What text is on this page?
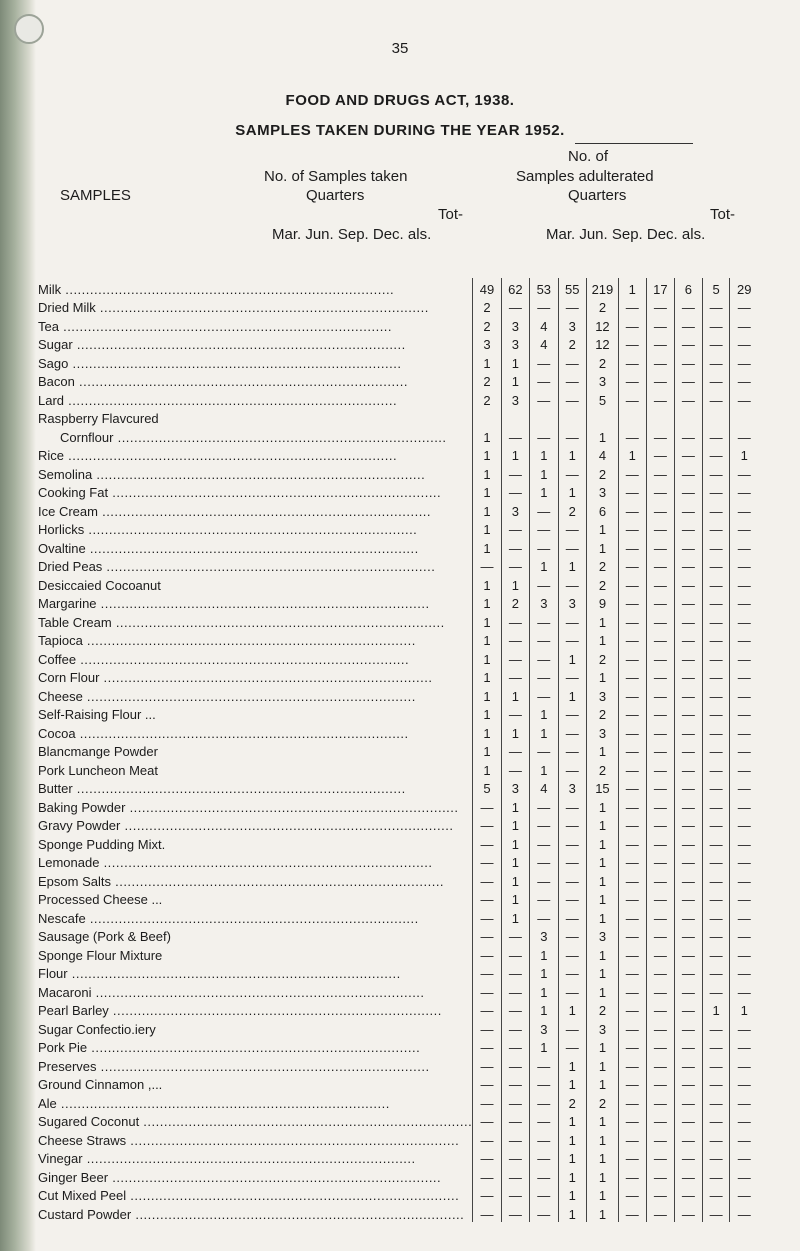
35
FOOD AND DRUGS ACT, 1938.
SAMPLES TAKEN DURING THE YEAR 1952.
No. of
No. of Samples taken	Samples adulterated
SAMPLES	Quarters	Quarters
Tot-	Tot-
Mar. Jun. Sep. Dec. als.	Mar. Jun. Sep. Dec. als.
Milk .....	49	62	53	55	219	1	17	6	5	29

Dried Milk .....	2	—	—	—	2	—	—	—	—	—

Tea .....	2	3	4	3	12	—	—	—	—	—

Sugar .....	3	3	4	2	12	—	—	—	—	—

Sago .....	1	1	—	—	2	—	—	—	—	—

Bacon .....	2	1	—	—	3	—	—	—	—	—

Lard .....	2	3	—	—	5	—	—	—	—	—

Raspberry Flavcured										

Cornflour .....	1	—	—	—	1	—	—	—	—	—

Rice .....	1	1	1	1	4	1	—	—	—	1

Semolina .....	1	—	1	—	2	—	—	—	—	—

Cooking Fat .....	1	—	1	1	3	—	—	—	—	—

Ice Cream .....	1	3	—	2	6	—	—	—	—	—

Horlicks .....	1	—	—	—	1	—	—	—	—	—

Ovaltine .....	1	—	—	—	1	—	—	—	—	—

Dried Peas .....	—	—	1	1	2	—	—	—	—	—

Desiccaied Cocoanut	1	1	—	—	2	—	—	—	—	—

Margarine .....	1	2	3	3	9	—	—	—	—	—

Table Cream .....	1	—	—	—	1	—	—	—	—	—

Tapioca .....	1	—	—	—	1	—	—	—	—	—

Coffee .....	1	—	—	1	2	—	—	—	—	—

Corn Flour .....	1	—	—	—	1	—	—	—	—	—

Cheese .....	1	1	—	1	3	—	—	—	—	—

Self-Raising Flour ...	1	—	1	—	2	—	—	—	—	—

Cocoa .....	1	1	1	—	3	—	—	—	—	—

Blancmange Powder	1	—	—	—	1	—	—	—	—	—

Pork Luncheon Meat	1	—	1	—	2	—	—	—	—	—

Butter .....	5	3	4	3	15	—	—	—	—	—

Baking Powder .....	—	1	—	—	1	—	—	—	—	—

Gravy Powder .....	—	1	—	—	1	—	—	—	—	—

Sponge Pudding Mixt.	—	1	—	—	1	—	—	—	—	—

Lemonade .....	—	1	—	—	1	—	—	—	—	—

Epsom Salts .....	—	1	—	—	1	—	—	—	—	—

Processed Cheese ...	—	1	—	—	1	—	—	—	—	—

Nescafe .....	—	1	—	—	1	—	—	—	—	—

Sausage (Pork & Beef)	—	—	3	—	3	—	—	—	—	—

Sponge Flour Mixture	—	—	1	—	1	—	—	—	—	—

Flour .....	—	—	1	—	1	—	—	—	—	—

Macaroni .....	—	—	1	—	1	—	—	—	—	—

Pearl Barley .....	—	—	1	1	2	—	—	—	1	1

Sugar Confectio.iery	—	—	3	—	3	—	—	—	—	—

Pork Pie .....	—	—	1	—	1	—	—	—	—	—

Preserves .....	—	—	—	1	1	—	—	—	—	—

Ground Cinnamon ,...	—	—	—	1	1	—	—	—	—	—

Ale .....	—	—	—	2	2	—	—	—	—	—

Sugared Coconut .....	—	—	—	1	1	—	—	—	—	—

Cheese Straws .....	—	—	—	1	1	—	—	—	—	—

Vinegar .....	—	—	—	1	1	—	—	—	—	—

Ginger Beer .....	—	—	—	1	1	—	—	—	—	—

Cut Mixed Peel .....	—	—	—	1	1	—	—	—	—	—

Custard Powder .....	—	—	—	1	1	—	—	—	—	—
